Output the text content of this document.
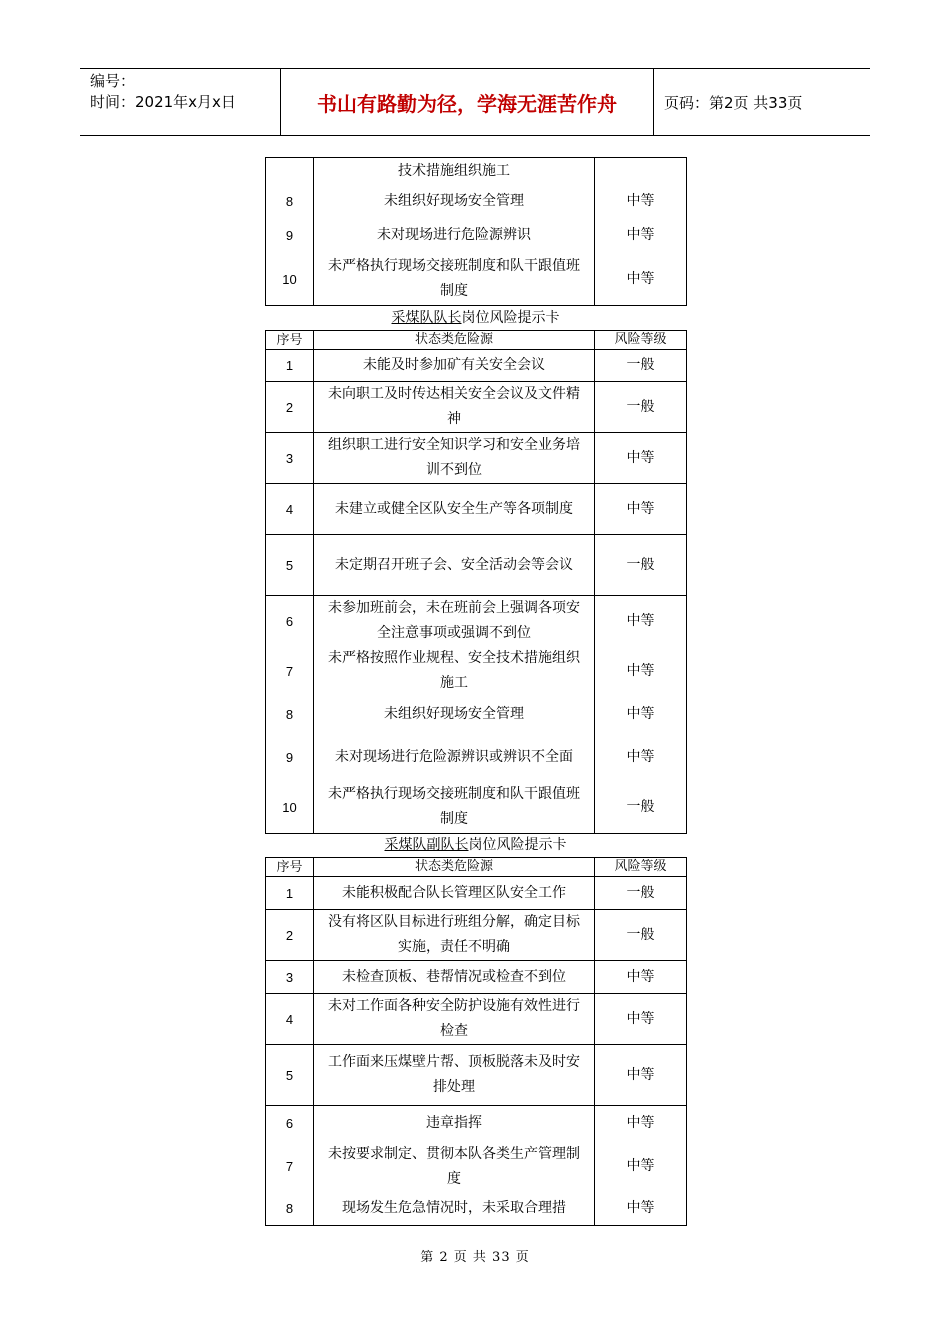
编号：
时间：2021年x月x日	书山有路勤为径，学海无涯苦作舟	页码：第2页 共33页
	技术措施组织施工	
8	未组织好现场安全管理	中等
9	未对现场进行危险源辨识	中等
10	未严格执行现场交接班制度和队干跟值班制度	中等
采煤队队长岗位风险提示卡
序号	状态类危险源	风险等级
1	未能及时参加矿有关安全会议	一般
2	未向职工及时传达相关安全会议及文件精神	一般
3	组织职工进行安全知识学习和安全业务培训不到位	中等
4	未建立或健全区队安全生产等各项制度	中等
5	未定期召开班子会、安全活动会等会议	一般
6	未参加班前会，未在班前会上强调各项安全注意事项或强调不到位	中等
7	未严格按照作业规程、安全技术措施组织施工	中等
8	未组织好现场安全管理	中等
9	未对现场进行危险源辨识或辨识不全面	中等
10	未严格执行现场交接班制度和队干跟值班制度	一般
采煤队副队长岗位风险提示卡
序号	状态类危险源	风险等级
1	未能积极配合队长管理区队安全工作	一般
2	没有将区队目标进行班组分解，确定目标实施，责任不明确	一般
3	未检查顶板、巷帮情况或检查不到位	中等
4	未对工作面各种安全防护设施有效性进行检查	中等
5	工作面来压煤壁片帮、顶板脱落未及时安排处理	中等
6	违章指挥	中等
7	未按要求制定、贯彻本队各类生产管理制度	中等
8	现场发生危急情况时，未采取合理措	中等
第 2 页 共 33 页
